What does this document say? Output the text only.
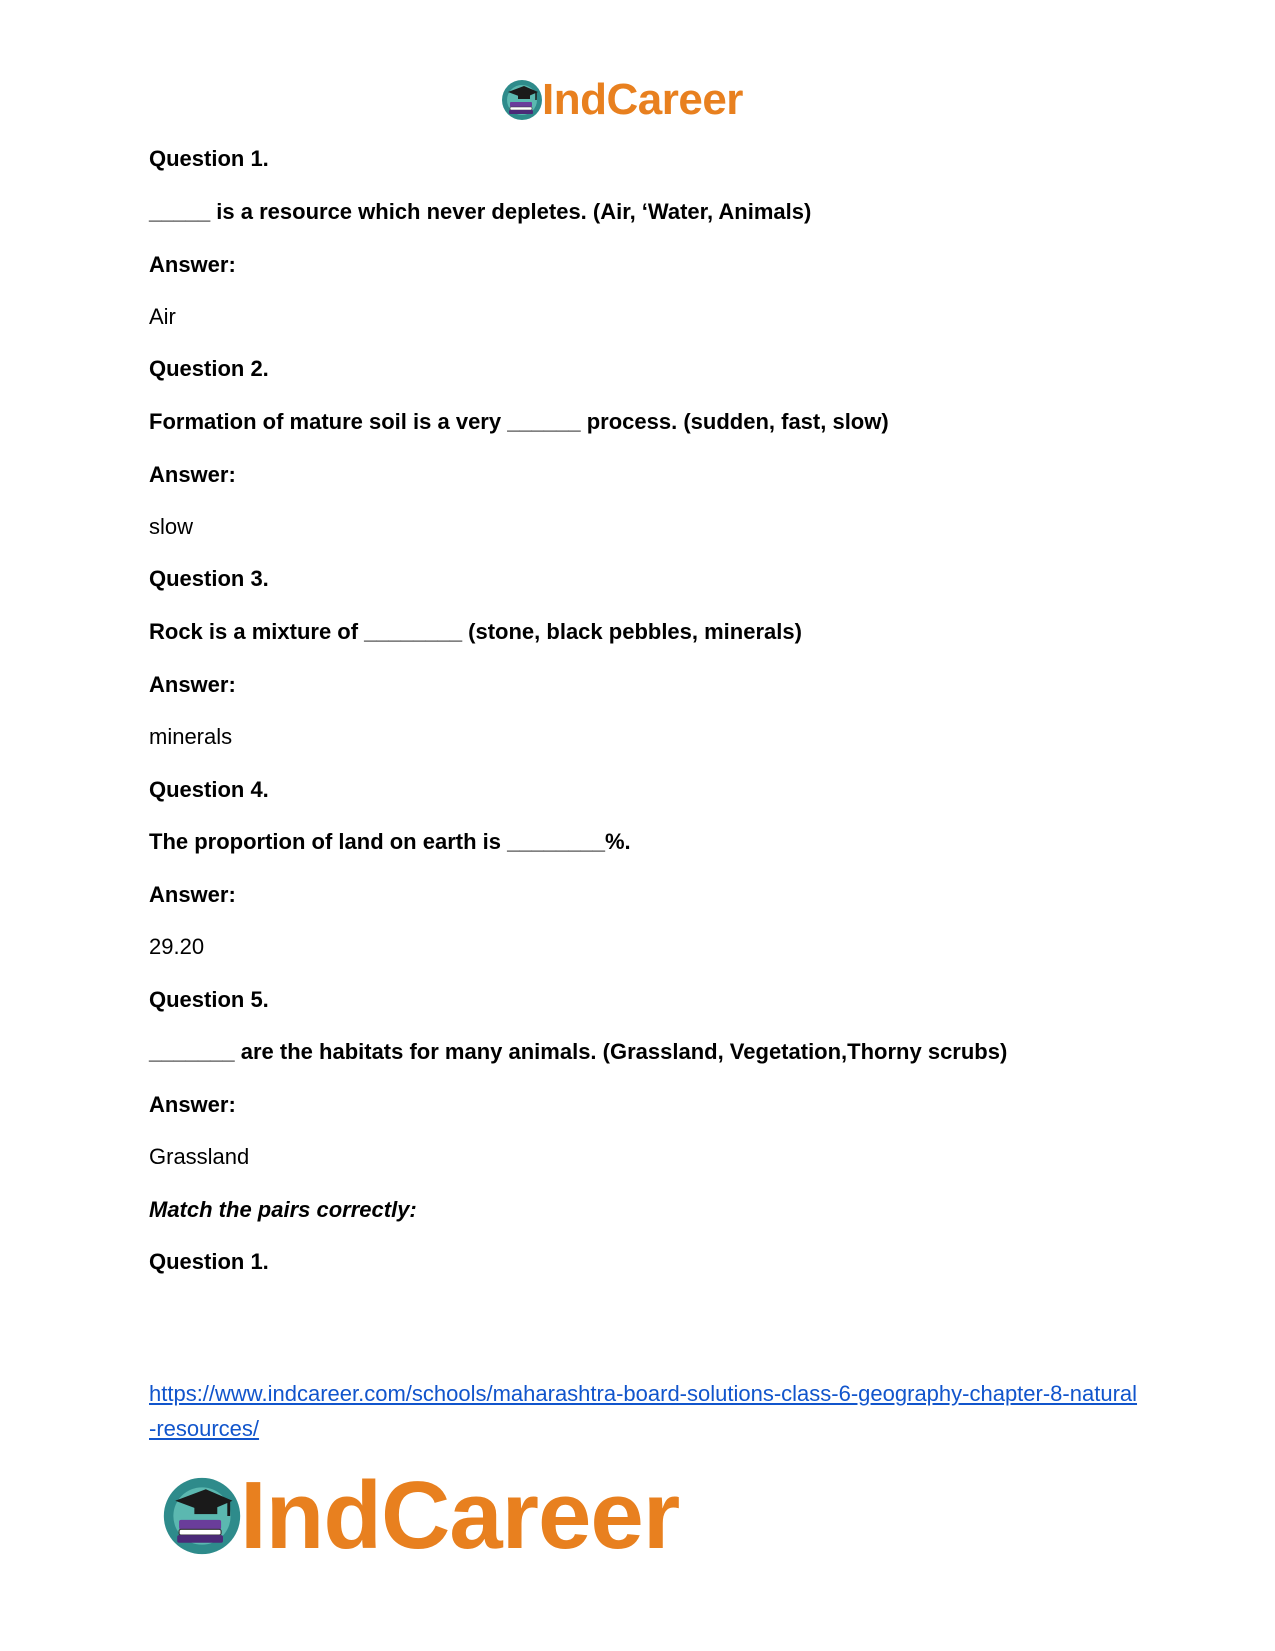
IndCareer
Question 1.
_____ is a resource which never depletes. (Air, ‘Water, Animals)
Answer:
Air
Question 2.
Formation of mature soil is a very ______ process. (sudden, fast, slow)
Answer:
slow
Question 3.
Rock is a mixture of ________ (stone, black pebbles, minerals)
Answer:
minerals
Question 4.
The proportion of land on earth is ________%.
Answer:
29.20
Question 5.
_______ are the habitats for many animals. (Grassland, Vegetation,Thorny scrubs)
Answer:
Grassland
Match the pairs correctly:
Question 1.
https://www.indcareer.com/schools/maharashtra-board-solutions-class-6-geography-chapter-8-natural-resources/
IndCareer
